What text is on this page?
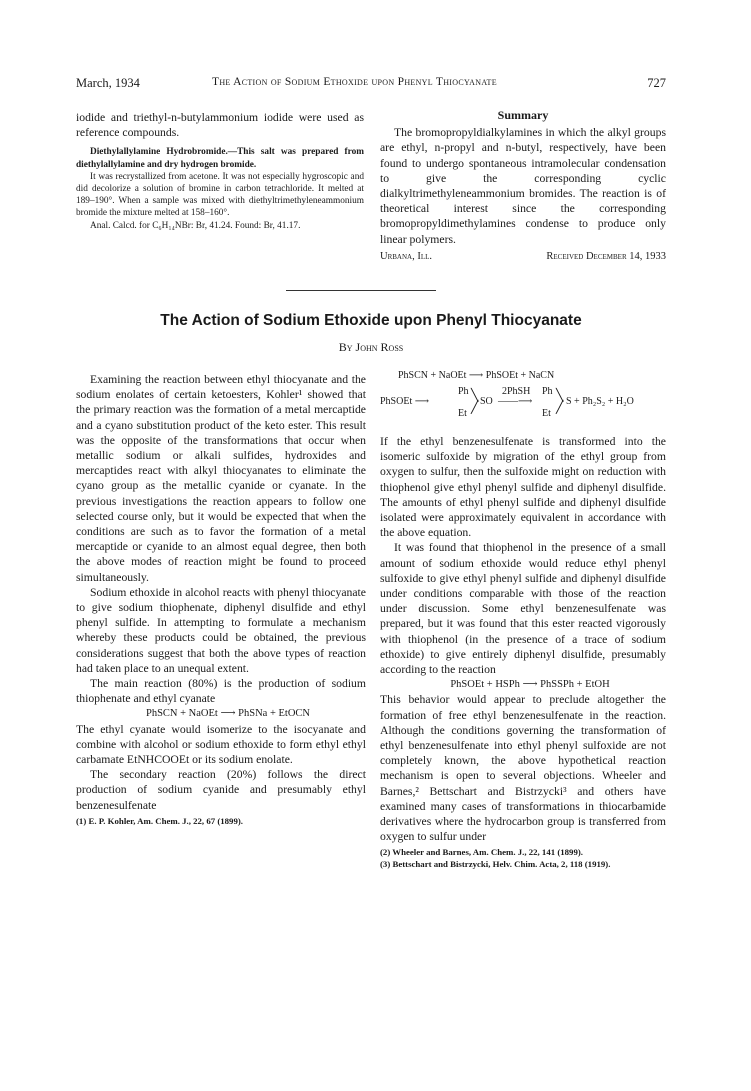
March, 1934	The Action of Sodium Ethoxide upon Phenyl Thiocyanate	727

iodide and triethyl-n-butylammonium iodide were used as reference compounds.

Diethylallylamine Hydrobromide.—This salt was prepared from diethylallylamine and dry hydrogen bromide.

It was recrystallized from acetone. It was not especially hygroscopic and did decolorize a solution of bromine in carbon tetrachloride. It melted at 189–190°. When a sample was mixed with diethyltrimethyleneammonium bromide the mixture melted at 158–160°.

Anal. Calcd. for C₆H₁₄NBr: Br, 41.24. Found: Br, 41.17.

Summary

The bromopropyldialkylamines in which the alkyl groups are ethyl, n-propyl and n-butyl, respectively, have been found to undergo spontaneous intramolecular condensation to give the corresponding cyclic dialkyltrimethyleneammonium bromides. The reaction is of theoretical interest since the corresponding bromopropyldimethylamines condense to produce only linear polymers.

Urbana, Ill.	Received December 14, 1933
The Action of Sodium Ethoxide upon Phenyl Thiocyanate
By John Ross

Examining the reaction between ethyl thiocyanate and the sodium enolates of certain ketoesters, Kohler¹ showed that the primary reaction was the formation of a metal mercaptide and a cyano substitution product of the keto ester. This result was the opposite of the transformations that occur when metallic sodium or alkali sulfides, hydroxides and mercaptides react with alkyl thiocyanates to eliminate the cyano group as the metallic cyanide or cyanate. In the previous investigations the reaction appears to follow one selected course only, but it would be expected that when the conditions are such as to favor the formation of a metal mercaptide or cyanide to an almost equal degree, then both the above modes of reaction might be found to proceed simultaneously.

Sodium ethoxide in alcohol reacts with phenyl thiocyanate to give sodium thiophenate, diphenyl disulfide and ethyl phenyl sulfide. In attempting to formulate a mechanism whereby these products could be obtained, the previous considerations suggest that both the above types of reaction had taken place to an unequal extent.

The main reaction (80%) is the production of sodium thiophenate and ethyl cyanate

PhSCN + NaOEt ⟶ PhSNa + EtOCN

The ethyl cyanate would isomerize to the isocyanate and combine with alcohol or sodium ethoxide to form ethyl ethyl carbamate EtNHCOOEt or its sodium enolate.

The secondary reaction (20%) follows the direct production of sodium cyanide and presumably ethyl benzenesulfenate

(1) E. P. Kohler, Am. Chem. J., 22, 67 (1899).

PhSCN + NaOEt ⟶ PhSOEt + NaCN
PhSOEt ⟶
Ph
Et
╲
╱ SO
2PhSH
——⟶
Ph
Et
╲
╱ S + Ph₂S₂ + H₂O

If the ethyl benzenesulfenate is transformed into the isomeric sulfoxide by migration of the ethyl group from oxygen to sulfur, then the sulfoxide might on reduction with thiophenol give ethyl phenyl sulfide and diphenyl disulfide. The amounts of ethyl phenyl sulfide and diphenyl disulfide isolated were approximately equivalent in accordance with the above equation.

It was found that thiophenol in the presence of a small amount of sodium ethoxide would reduce ethyl phenyl sulfoxide to give ethyl phenyl sulfide and diphenyl disulfide under conditions comparable with those of the reaction under discussion. Some ethyl benzenesulfenate was prepared, but it was found that this ester reacted vigorously with thiophenol (in the presence of a trace of sodium ethoxide) to give entirely diphenyl disulfide, presumably according to the reaction

PhSOEt + HSPh ⟶ PhSSPh + EtOH

This behavior would appear to preclude altogether the formation of free ethyl benzenesulfenate in the reaction. Although the conditions governing the transformation of ethyl benzenesulfenate into ethyl phenyl sulfoxide are not completely known, the above hypothetical reaction mechanism is open to several objections. Wheeler and Barnes,² Bettschart and Bistrzycki³ and others have examined many cases of transformations in thiocarbamide derivatives where the hydrocarbon group is transferred from oxygen to sulfur under

(2) Wheeler and Barnes, Am. Chem. J., 22, 141 (1899).

(3) Bettschart and Bistrzycki, Helv. Chim. Acta, 2, 118 (1919).
